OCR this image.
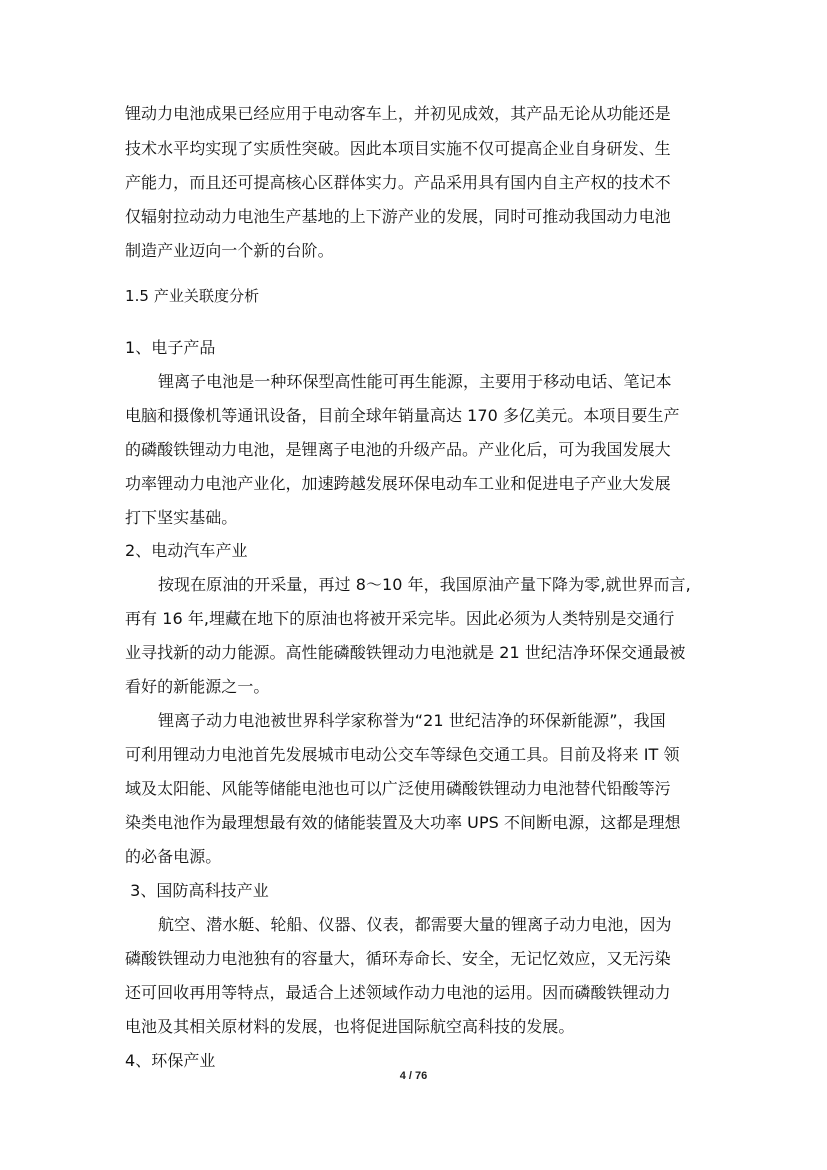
锂动力电池成果已经应用于电动客车上，并初见成效，其产品无论从功能还是
技术水平均实现了实质性突破。因此本项目实施不仅可提高企业自身研发、生
产能力，而且还可提高核心区群体实力。产品采用具有国内自主产权的技术不
仅辐射拉动动力电池生产基地的上下游产业的发展，同时可推动我国动力电池
制造产业迈向一个新的台阶。
1.5 产业关联度分析
1、电子产品
锂离子电池是一种环保型高性能可再生能源，主要用于移动电话、笔记本
电脑和摄像机等通讯设备，目前全球年销量高达 170 多亿美元。本项目要生产
的磷酸铁锂动力电池，是锂离子电池的升级产品。产业化后，可为我国发展大
功率锂动力电池产业化，加速跨越发展环保电动车工业和促进电子产业大发展
打下坚实基础。
2、电动汽车产业
按现在原油的开采量，再过 8～10 年，我国原油产量下降为零,就世界而言,
再有 16 年,埋藏在地下的原油也将被开采完毕。因此必须为人类特别是交通行
业寻找新的动力能源。高性能磷酸铁锂动力电池就是 21 世纪洁净环保交通最被
看好的新能源之一。
锂离子动力电池被世界科学家称誉为“21 世纪洁净的环保新能源”，我国
可利用锂动力电池首先发展城市电动公交车等绿色交通工具。目前及将来 IT 领
域及太阳能、风能等储能电池也可以广泛使用磷酸铁锂动力电池替代铅酸等污
染类电池作为最理想最有效的储能装置及大功率 UPS 不间断电源，这都是理想
的必备电源。
3、国防高科技产业
航空、潜水艇、轮船、仪器、仪表，都需要大量的锂离子动力电池，因为
磷酸铁锂动力电池独有的容量大，循环寿命长、安全，无记忆效应，又无污染
还可回收再用等特点，最适合上述领域作动力电池的运用。因而磷酸铁锂动力
电池及其相关原材料的发展，也将促进国际航空高科技的发展。
4、环保产业
4 / 76
